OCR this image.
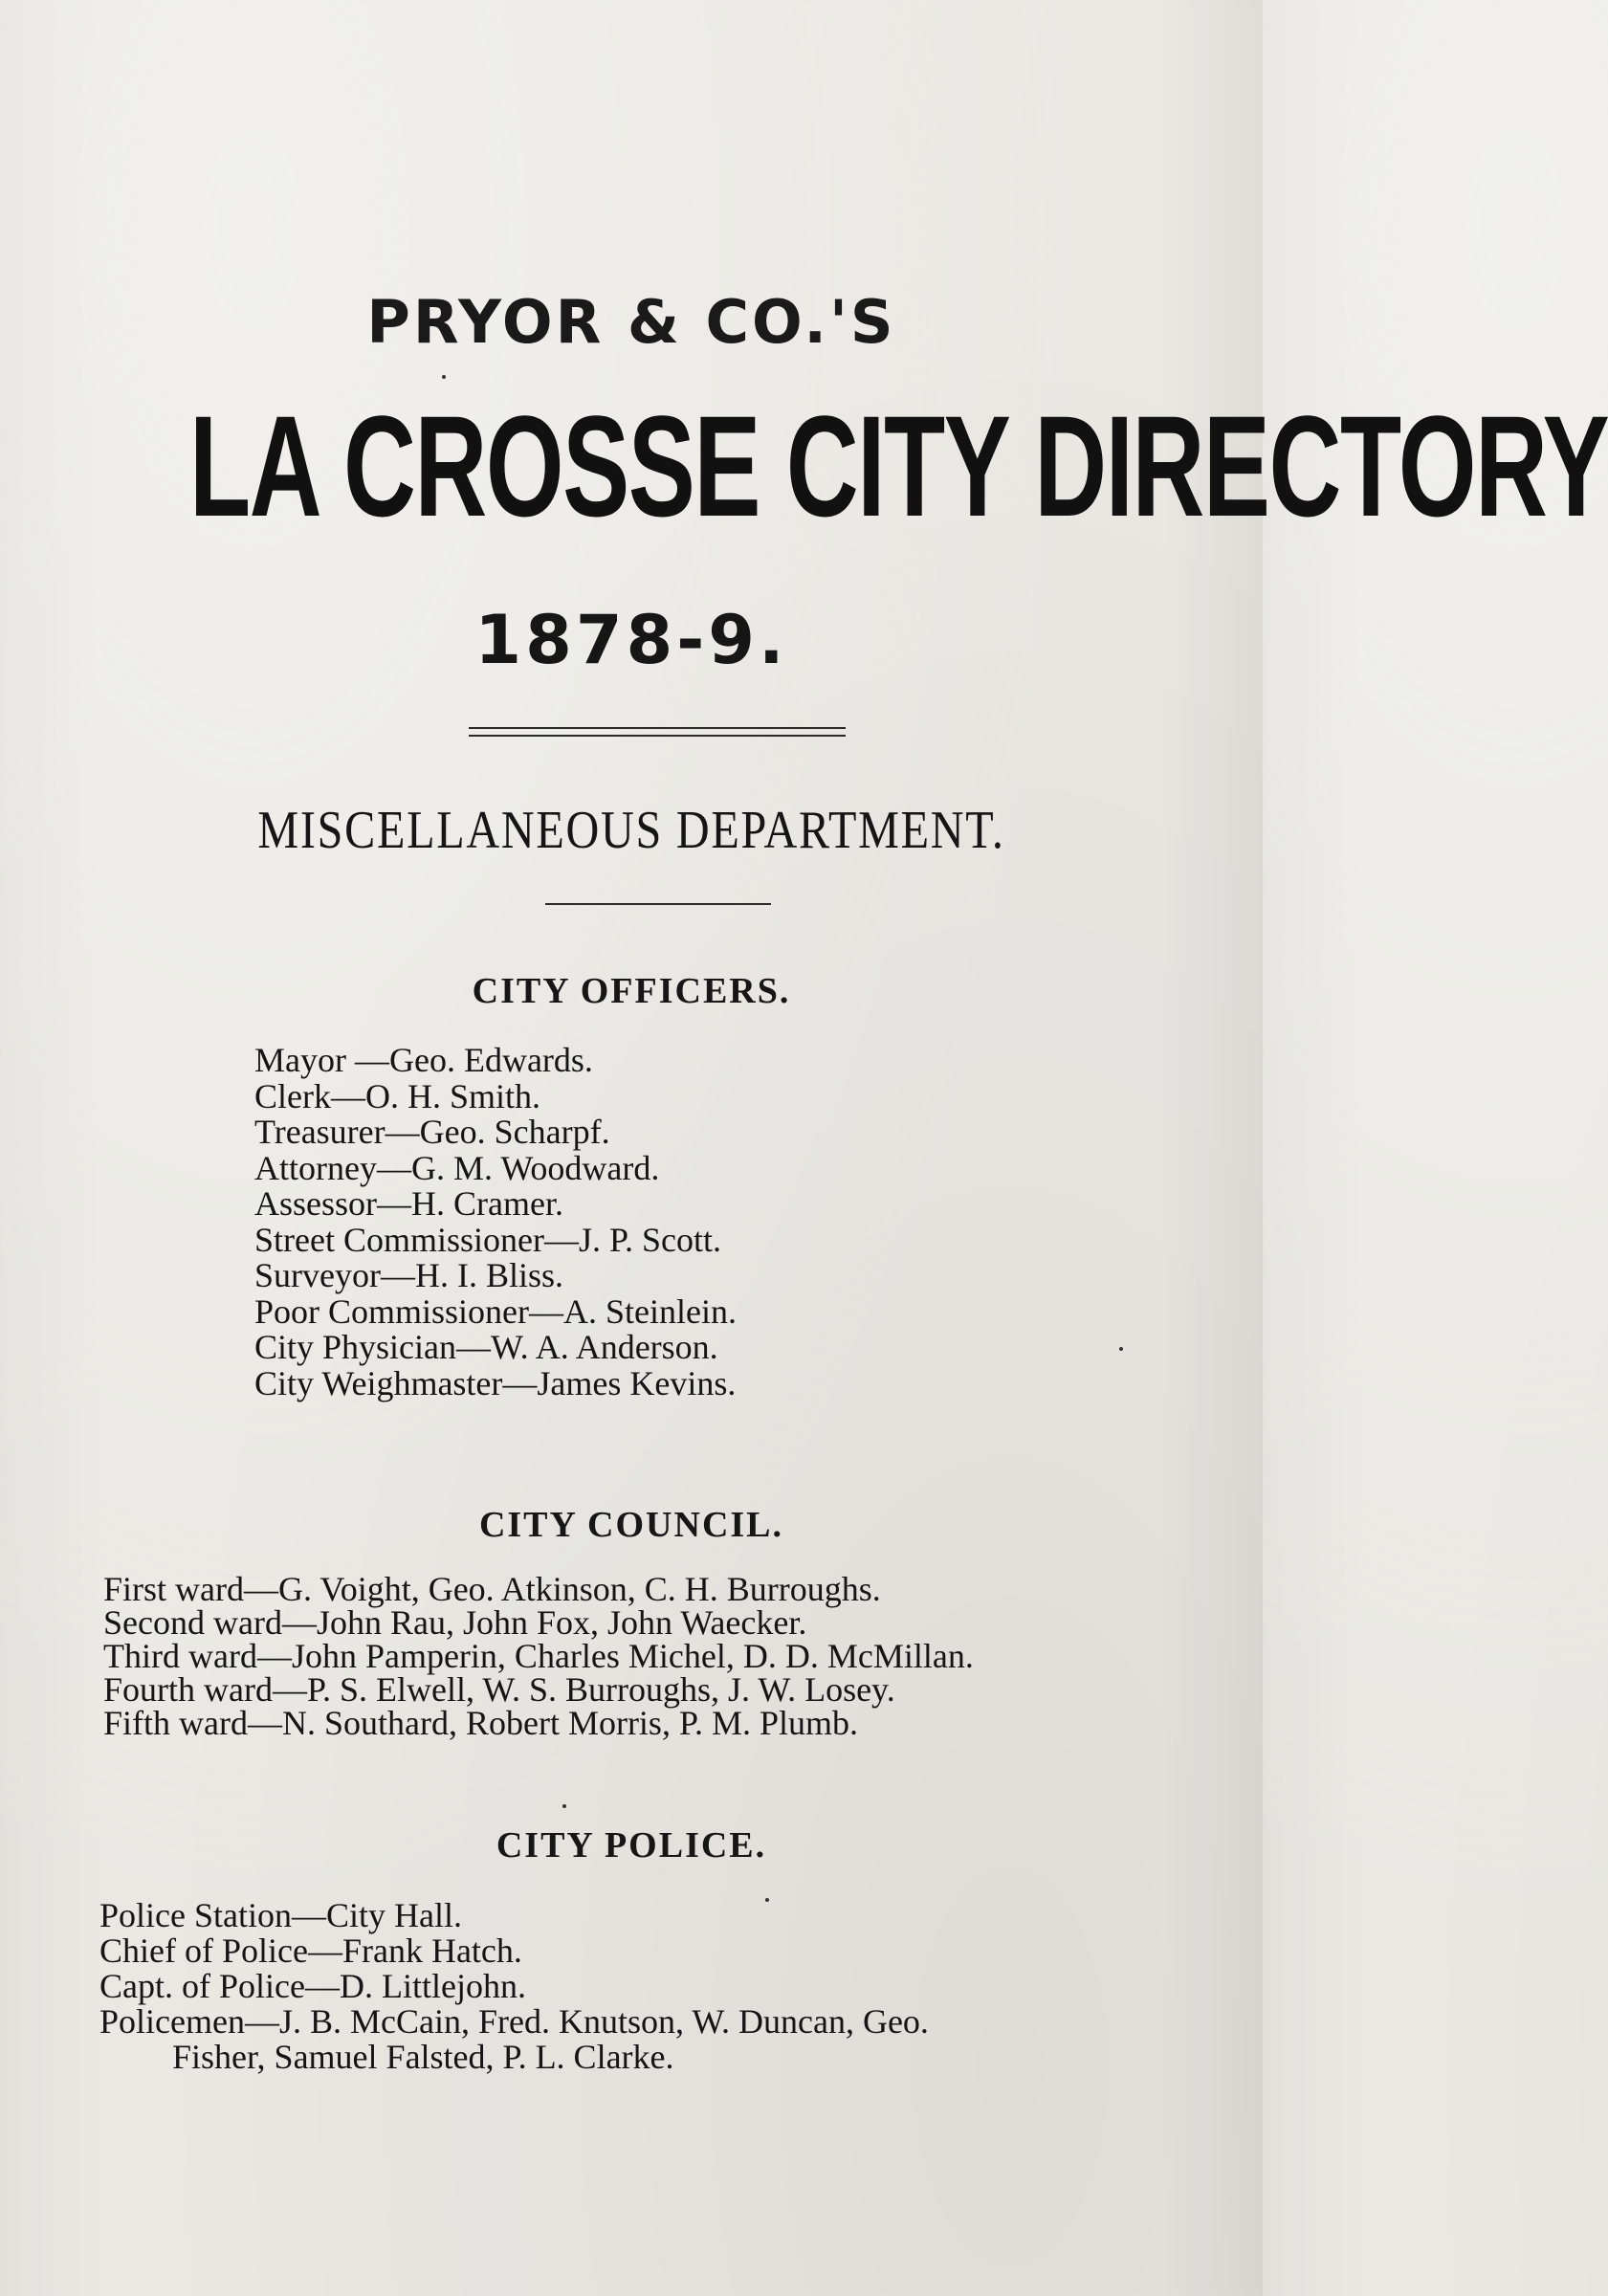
PRYOR & CO.'S
LA CROSSE CITY DIRECTORY
1878-9.
MISCELLANEOUS DEPARTMENT.
CITY OFFICERS.
Mayor —Geo. Edwards.
Clerk—O. H. Smith.
Treasurer—Geo. Scharpf.
Attorney—G. M. Woodward.
Assessor—H. Cramer.
Street Commissioner—J. P. Scott.
Surveyor—H. I. Bliss.
Poor Commissioner—A. Steinlein.
City Physician—W. A. Anderson.
City Weighmaster—James Kevins.
CITY COUNCIL.
First ward—G. Voight, Geo. Atkinson, C. H. Burroughs.
Second ward—John Rau, John Fox, John Waecker.
Third ward—John Pamperin, Charles Michel, D. D. McMillan.
Fourth ward—P. S. Elwell, W. S. Burroughs, J. W. Losey.
Fifth ward—N. Southard, Robert Morris, P. M. Plumb.
CITY POLICE.
Police Station—City Hall.
Chief of Police—Frank Hatch.
Capt. of Police—D. Littlejohn.
Policemen—J. B. McCain, Fred. Knutson, W. Duncan, Geo.
Fisher, Samuel Falsted, P. L. Clarke.
